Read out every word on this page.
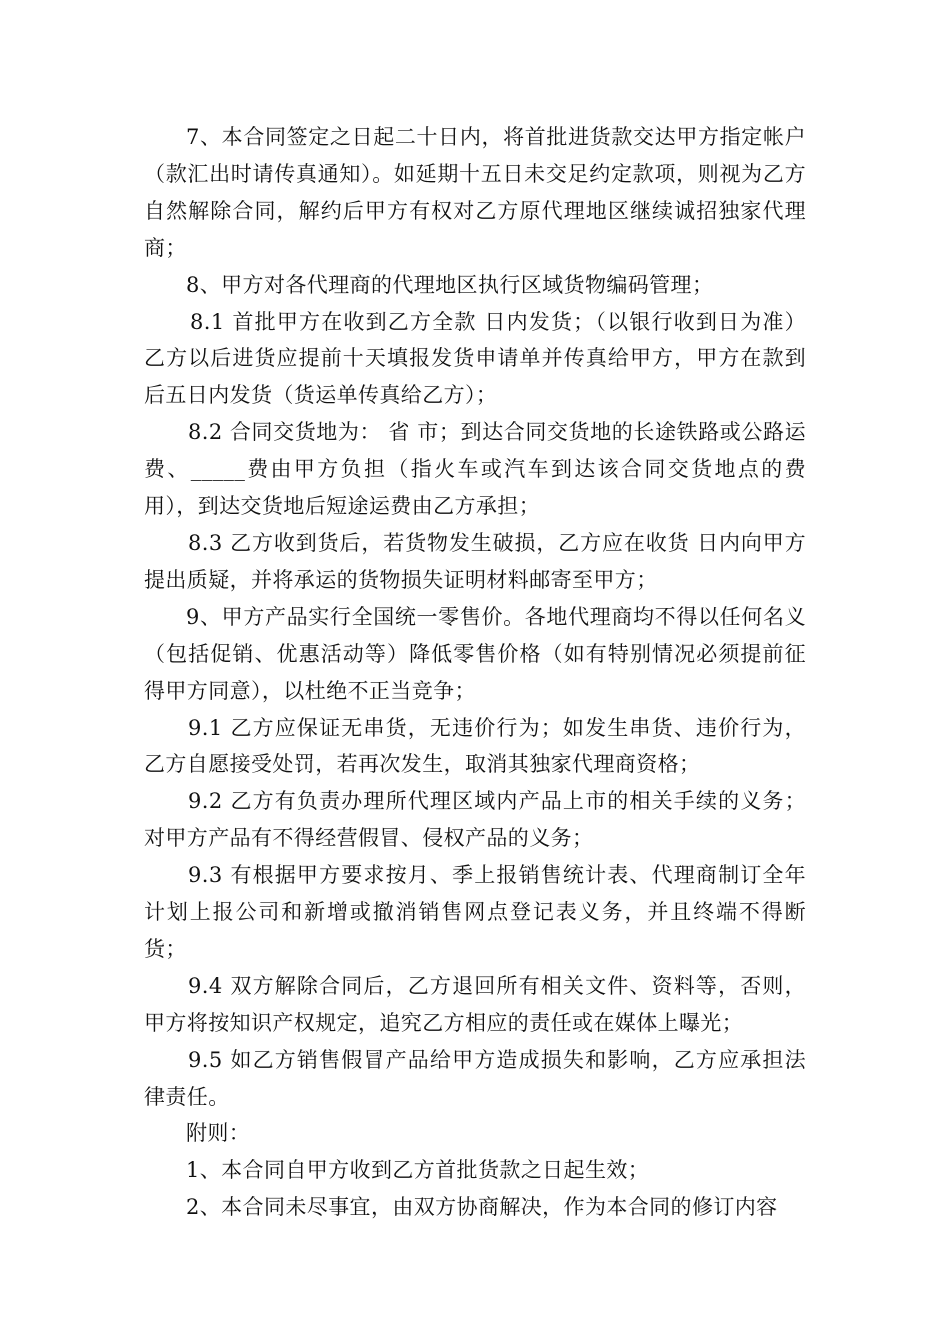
7、本合同签定之日起二十日内，将首批进货款交达甲方指定帐户（款汇出时请传真通知）。如延期十五日未交足约定款项，则视为乙方自然解除合同，解约后甲方有权对乙方原代理地区继续诚招独家代理商；

8、甲方对各代理商的代理地区执行区域货物编码管理；

8.1 首批甲方在收到乙方全款 日内发货；（以银行收到日为准）乙方以后进货应提前十天填报发货申请单并传真给甲方，甲方在款到后五日内发货（货运单传真给乙方）；

8.2 合同交货地为： 省 市；到达合同交货地的长途铁路或公路运费、_____费由甲方负担（指火车或汽车到达该合同交货地点的费用），到达交货地后短途运费由乙方承担；

8.3 乙方收到货后，若货物发生破损，乙方应在收货 日内向甲方提出质疑，并将承运的货物损失证明材料邮寄至甲方；

9、甲方产品实行全国统一零售价。各地代理商均不得以任何名义（包括促销、优惠活动等）降低零售价格（如有特别情况必须提前征得甲方同意），以杜绝不正当竞争；

9.1 乙方应保证无串货，无违价行为；如发生串货、违价行为，乙方自愿接受处罚，若再次发生，取消其独家代理商资格；

9.2 乙方有负责办理所代理区域内产品上市的相关手续的义务；对甲方产品有不得经营假冒、侵权产品的义务；

9.3 有根据甲方要求按月、季上报销售统计表、代理商制订全年计划上报公司和新增或撤消销售网点登记表义务，并且终端不得断货；

9.4 双方解除合同后，乙方退回所有相关文件、资料等，否则，甲方将按知识产权规定，追究乙方相应的责任或在媒体上曝光；

9.5 如乙方销售假冒产品给甲方造成损失和影响，乙方应承担法律责任。

附则：

1、本合同自甲方收到乙方首批货款之日起生效；

2、本合同未尽事宜，由双方协商解决，作为本合同的修订内容
